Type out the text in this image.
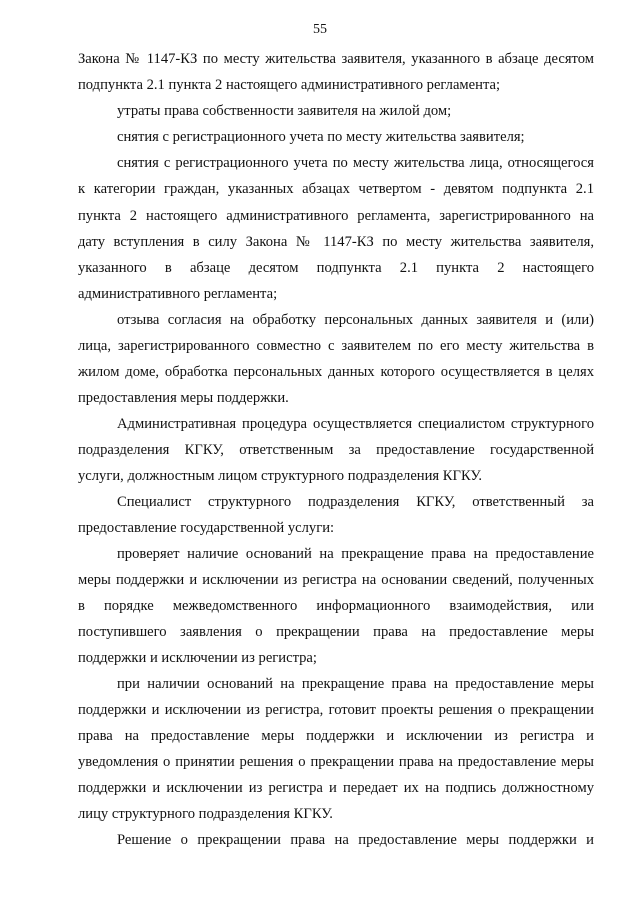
55
Закона № 1147-КЗ по месту жительства заявителя, указанного в абзаце десятом
подпункта 2.1 пункта 2 настоящего административного регламента;
утраты права собственности заявителя на жилой дом;
снятия с регистрационного учета по месту жительства заявителя;
снятия с регистрационного учета по месту жительства лица, относящегося
к категории граждан, указанных абзацах четвертом - девятом подпункта 2.1
пункта 2 настоящего административного регламента, зарегистрированного на
дату вступления в силу Закона № 1147-КЗ по месту жительства заявителя,
указанного в абзаце десятом подпункта 2.1 пункта 2 настоящего
административного регламента;
отзыва согласия на обработку персональных данных заявителя и (или)
лица, зарегистрированного совместно с заявителем по его месту жительства в
жилом доме, обработка персональных данных которого осуществляется в целях
предоставления меры поддержки.
Административная процедура осуществляется специалистом структурного
подразделения КГКУ, ответственным за предоставление государственной
услуги, должностным лицом структурного подразделения КГКУ.
Специалист структурного подразделения КГКУ, ответственный за
предоставление государственной услуги:
проверяет наличие оснований на прекращение права на предоставление
меры поддержки и исключении из регистра на основании сведений, полученных
в порядке межведомственного информационного взаимодействия, или
поступившего заявления о прекращении права на предоставление меры
поддержки и исключении из регистра;
при наличии оснований на прекращение права на предоставление меры
поддержки и исключении из регистра, готовит проекты решения о прекращении
права на предоставление меры поддержки и исключении из регистра и
уведомления о принятии решения о прекращении права на предоставление меры
поддержки и исключении из регистра и передает их на подпись должностному
лицу структурного подразделения КГКУ.
Решение о прекращении права на предоставление меры поддержки и
